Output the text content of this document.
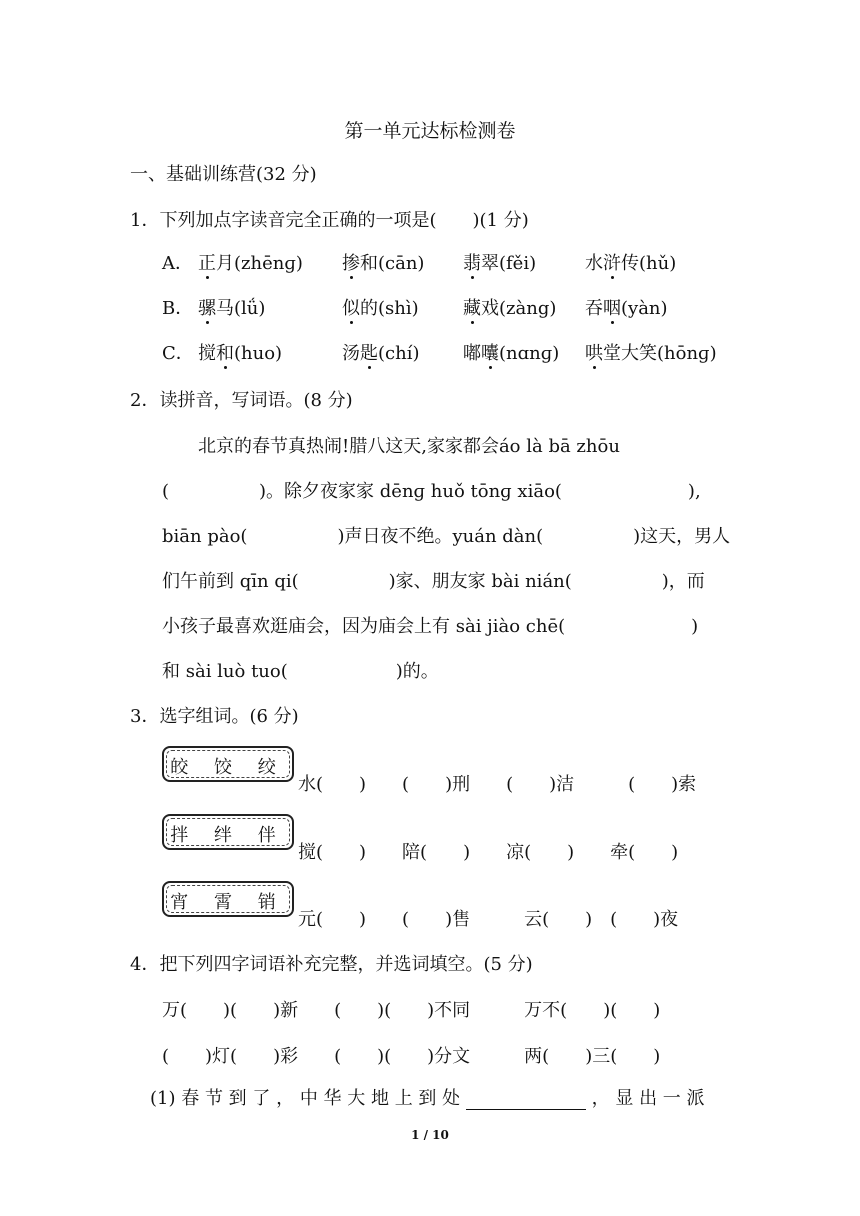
第一单元达标检测卷
一、基础训练营(32 分)
1．下列加点字读音完全正确的一项是(　　)(1 分)
A． 正月(zhēnɡ) 掺和(cān) 翡翠(fěi)	水浒传(hǔ)
B． 骡马(lǘ)	似的(shì) 藏戏(zàng) 吞咽(yàn)
C． 搅和(huo)	汤匙(chí) 嘟囔(nɑnɡ) 哄堂大笑(hōnɡ)
2．读拼音，写词语。(8 分)
　　北京的春节真热闹!腊八这天,家家都会áo là bā zhōu
(　　　　　)。除夕夜家家 dēnɡ huǒ tōnɡ xiāo(　　　　　　　),
biān pào(　　　　　)声日夜不绝。yuán dàn(　　　　　)这天，男人
们午前到 qīn qi(　　　　　)家、朋友家 bài nián(　　　　　)，而
小孩子最喜欢逛庙会，因为庙会上有 sài jiào chē(　　　　　　　)
和 sài luò tuo(　　　　　　)的。
3．选字组词。(6 分)
皎 饺 绞
水(　　)　　(　　)刑　　(　　)洁　　　(　　)索
拌 绊 伴
搅(　　)　　陪(　　)　　凉(　　)　　牵(　　)
宵 霄 销
元(　　)　　(　　)售　　　云(　　)　(　　)夜
4．把下列四字词语补充完整，并选词填空。(5 分)
万(　　)(　　)新　　(　　)(　　)不同　　　万不(　　)(　　)
(　　)灯(　　)彩　　(　　)(　　)分文　　　两(　　)三(　　)
(1) 春 节 到 了 ， 中 华 大 地 上 到 处	， 显 出 一 派
1 / 10
